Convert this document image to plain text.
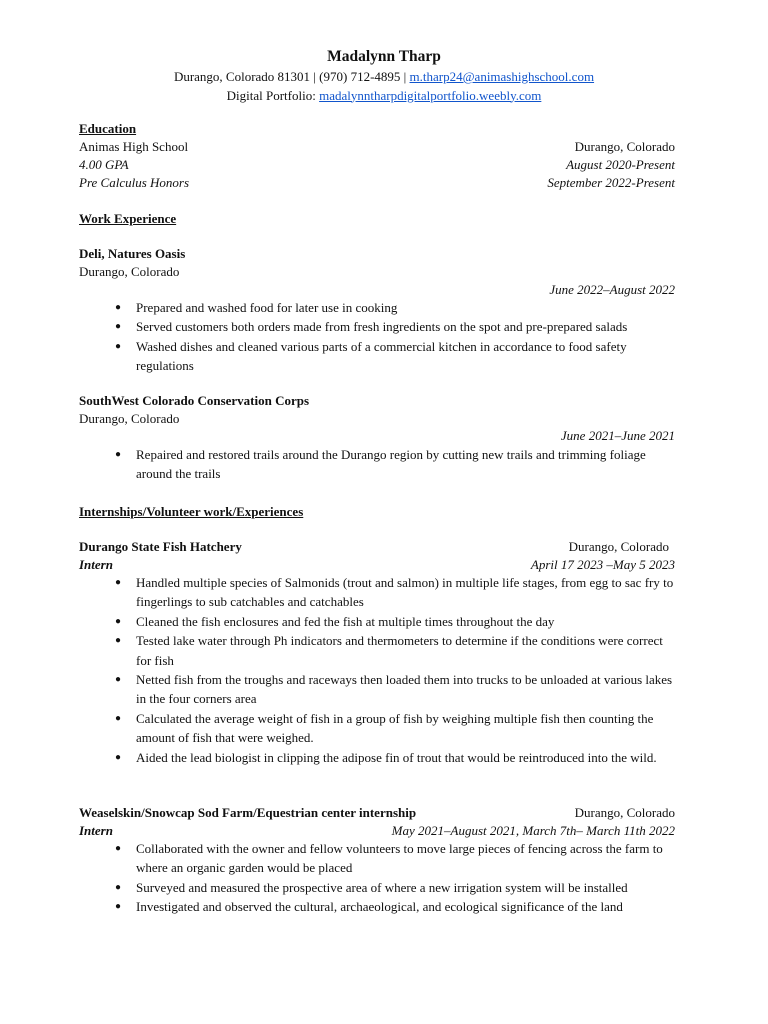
Madalynn Tharp
Durango, Colorado 81301 | (970) 712-4895 | m.tharp24@animashighschool.com
Digital Portfolio: madalynntharpdigitalportfolio.weebly.com
Education
Animas High School	Durango, Colorado
4.00 GPA	August 2020-Present
Pre Calculus Honors	September 2022-Present
Work Experience
Deli, Natures Oasis
Durango, Colorado
June 2022–August 2022
● Prepared and washed food for later use in cooking
● Served customers both orders made from fresh ingredients on the spot and pre-prepared salads
● Washed dishes and cleaned various parts of a commercial kitchen in accordance to food safety regulations
SouthWest Colorado Conservation Corps
Durango, Colorado
June 2021–June 2021
● Repaired and restored trails around the Durango region by cutting new trails and trimming foliage around the trails
Internships/Volunteer work/Experiences
Durango State Fish Hatchery	Durango, Colorado
Intern	April 17 2023 –May 5 2023
● Handled multiple species of Salmonids (trout and salmon) in multiple life stages, from egg to sac fry to fingerlings to sub catchables and catchables
● Cleaned the fish enclosures and fed the fish at multiple times throughout the day
● Tested lake water through Ph indicators and thermometers to determine if the conditions were correct for fish
● Netted fish from the troughs and raceways then loaded them into trucks to be unloaded at various lakes in the four corners area
● Calculated the average weight of fish in a group of fish by weighing multiple fish then counting the amount of fish that were weighed.
● Aided the lead biologist in clipping the adipose fin of trout that would be reintroduced into the wild.
Weaselskin/Snowcap Sod Farm/Equestrian center internship	Durango, Colorado
Intern	May 2021–August 2021, March 7th– March 11th 2022
● Collaborated with the owner and fellow volunteers to move large pieces of fencing across the farm to where an organic garden would be placed
● Surveyed and measured the prospective area of where a new irrigation system will be installed
● Investigated and observed the cultural, archaeological, and ecological significance of the land
